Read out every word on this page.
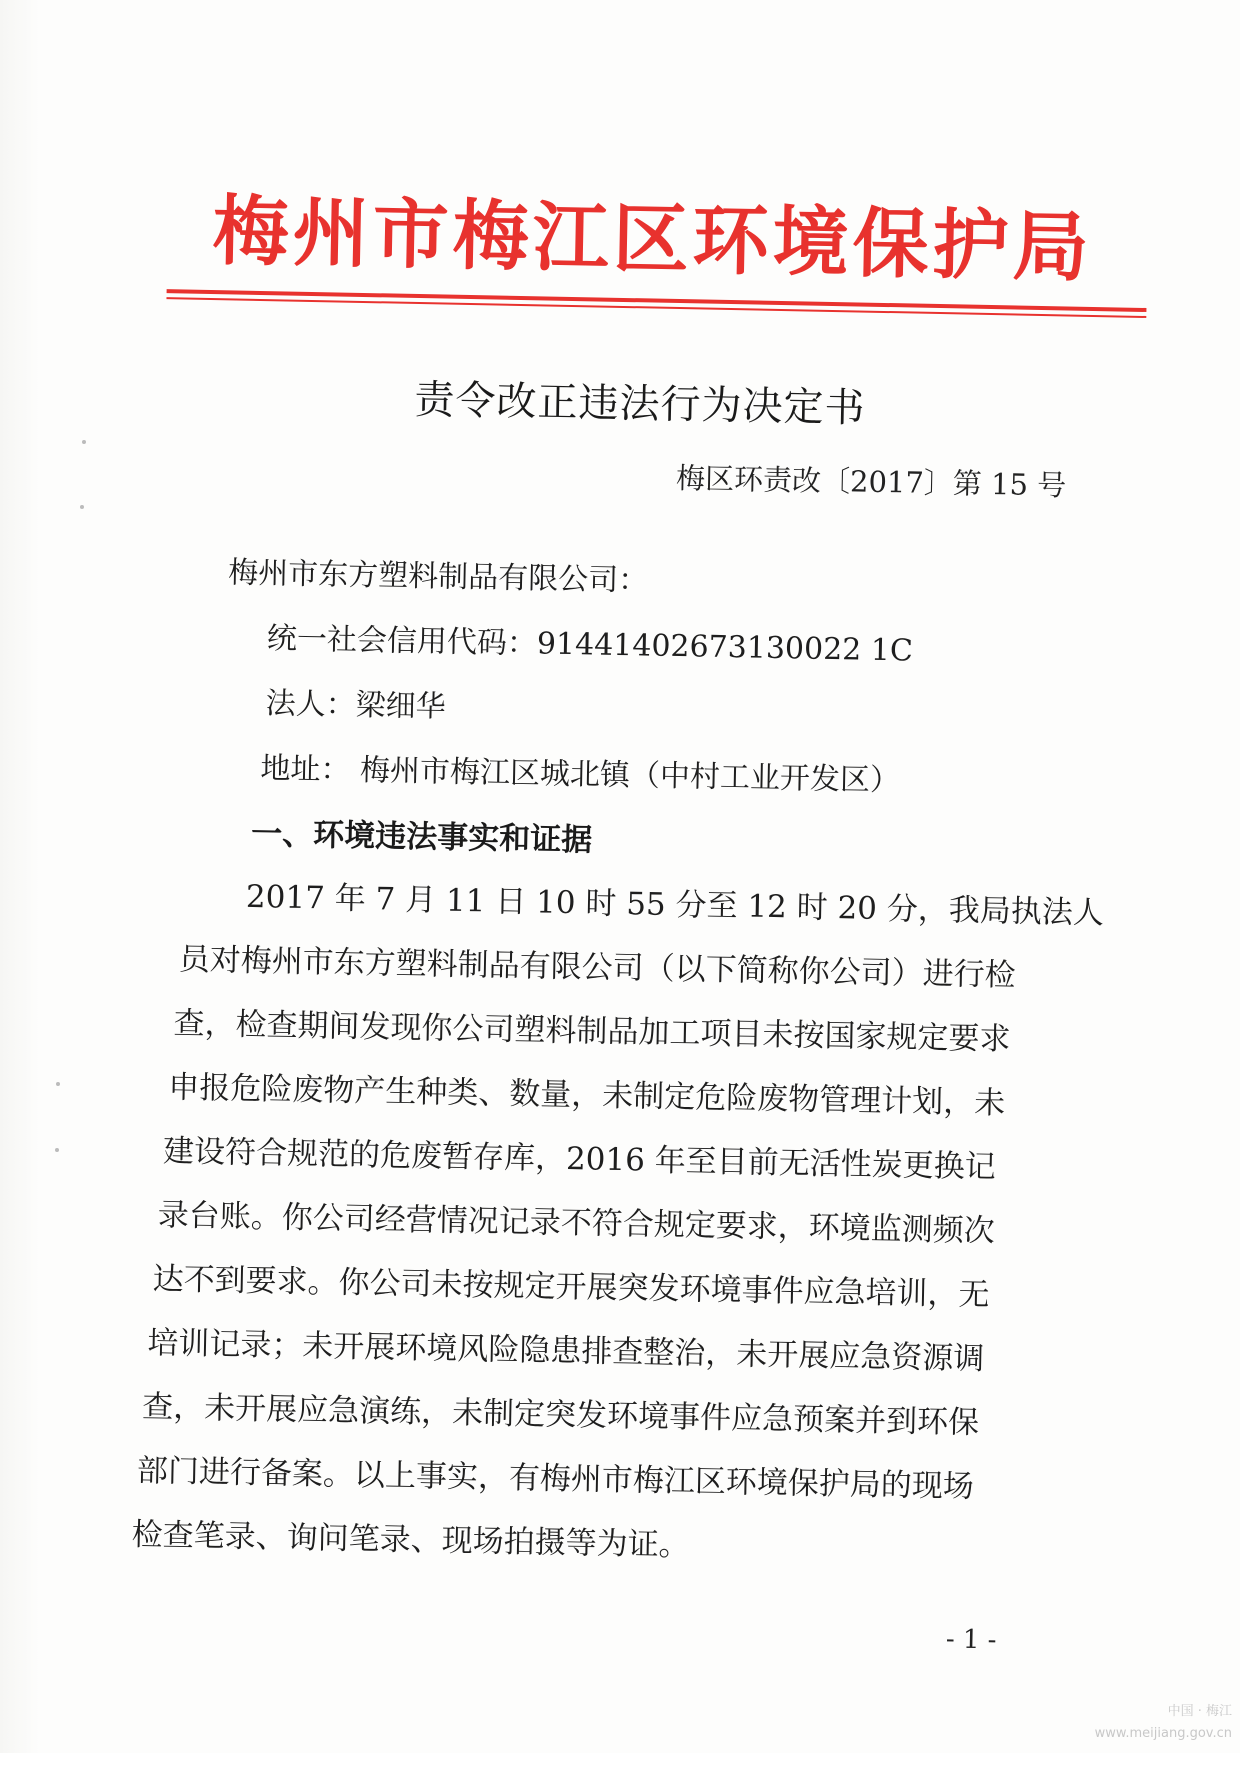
梅州市梅江区环境保护局
责令改正违法行为决定书
梅区环责改〔2017〕第 15 号
梅州市东方塑料制品有限公司：
统一社会信用代码：91441402673130022 1C
法人：梁细华
地址： 梅州市梅江区城北镇（中村工业开发区）
一、环境违法事实和证据
2017 年 7 月 11 日 10 时 55 分至 12 时 20 分，我局执法人
员对梅州市东方塑料制品有限公司（以下简称你公司）进行检
查，检查期间发现你公司塑料制品加工项目未按国家规定要求
申报危险废物产生种类、数量，未制定危险废物管理计划，未
建设符合规范的危废暂存库，2016 年至目前无活性炭更换记
录台账。你公司经营情况记录不符合规定要求，环境监测频次
达不到要求。你公司未按规定开展突发环境事件应急培训，无
培训记录；未开展环境风险隐患排查整治，未开展应急资源调
查，未开展应急演练，未制定突发环境事件应急预案并到环保
部门进行备案。以上事实，有梅州市梅江区环境保护局的现场
检查笔录、询问笔录、现场拍摄等为证。
- 1 -
中国 · 梅江
www.meijiang.gov.cn
